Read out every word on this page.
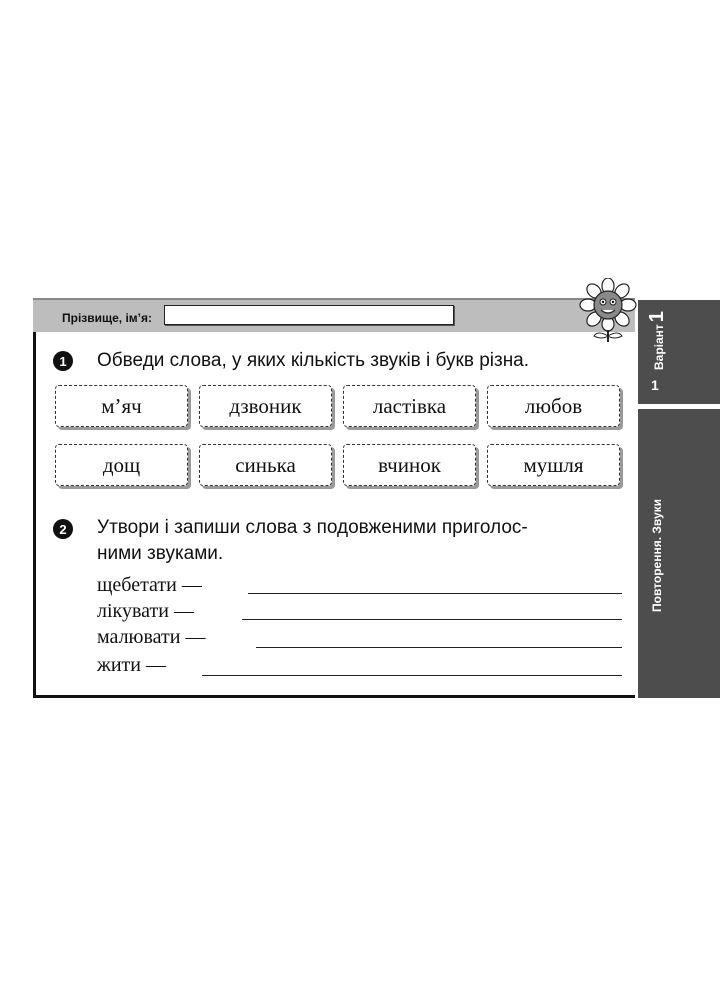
Прізвище, ім’я:
1	Обведи слова, у яких кількість звуків і букв різна.
м’яч	дзвоник	ластівка	любов
дощ	синька	вчинок	мушля
2	Утвори і запиши слова з подовженими приголос-
ними звуками.
щебетати —
лікувати —
малювати —
жити —
Варіант1
1
Повторення. Звуки
